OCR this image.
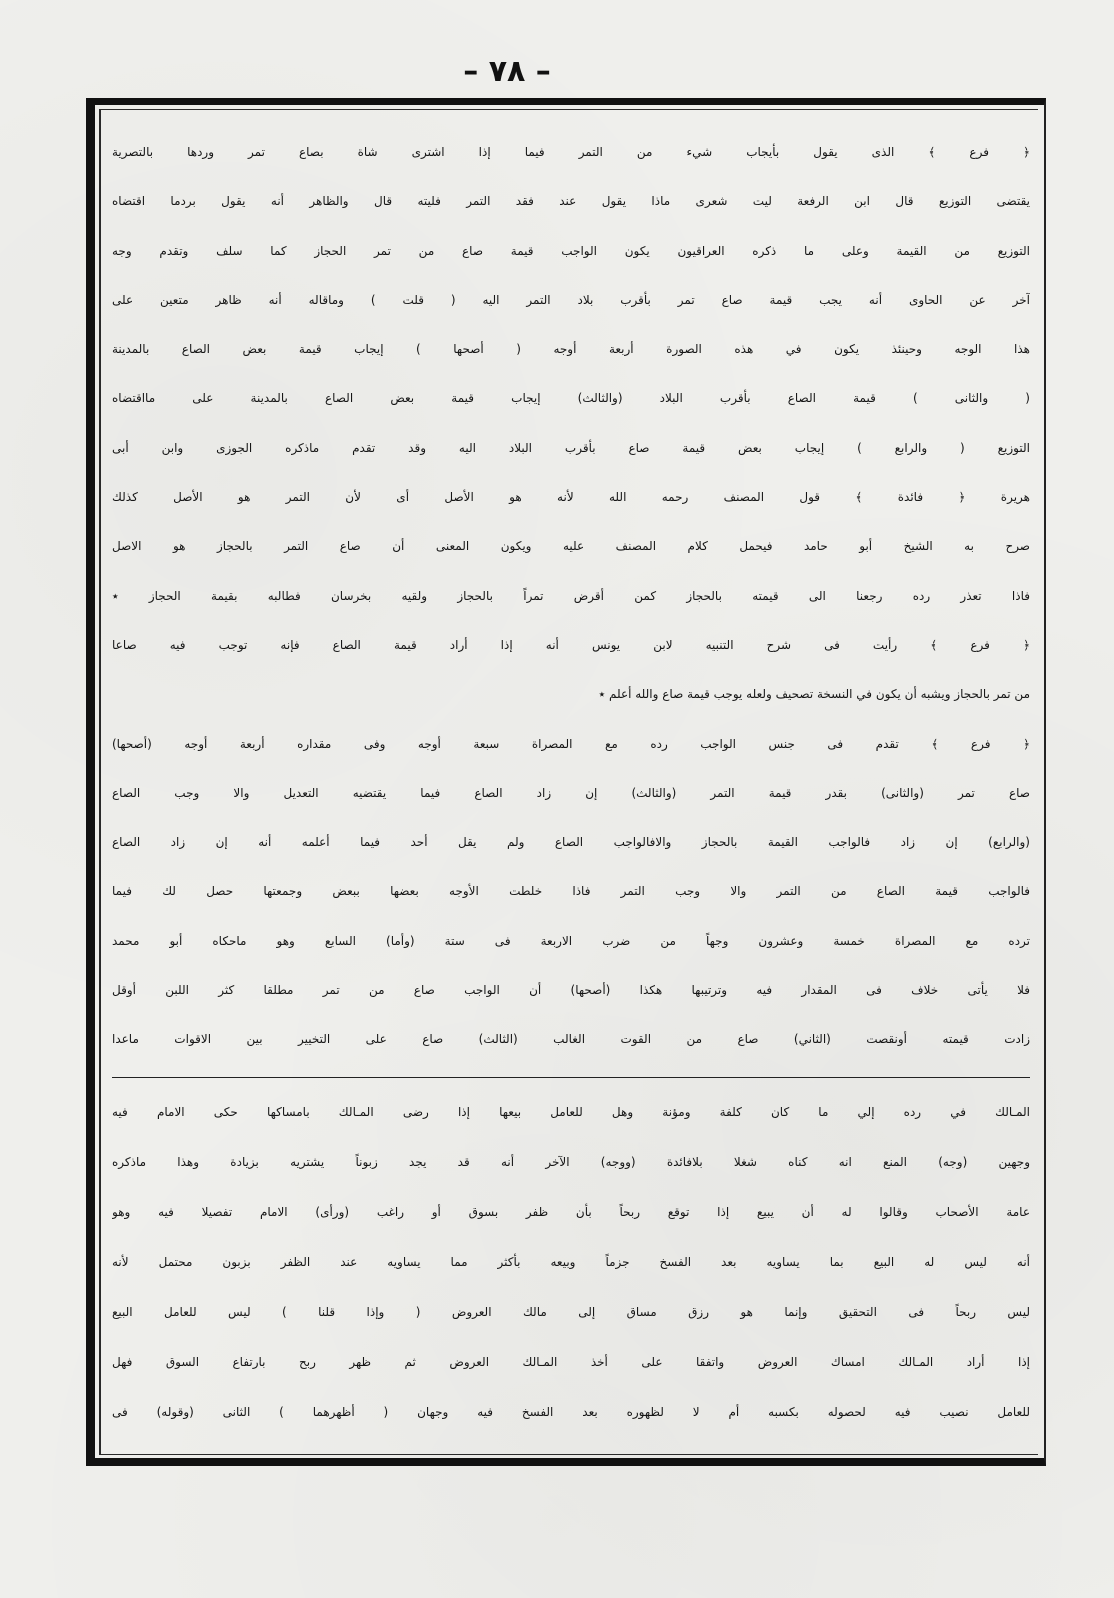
– ٧٨ –
﴿ فرع ﴾ الذى يقول بأيجاب شيء من التمر فيما إذا اشترى شاة بصاع تمر وردها بالتصرية
يقتضى التوزيع قال ابن الرفعة ليت شعرى ماذا يقول عند فقد التمر فليته قال والظاهر أنه يقول بردما اقتضاه
التوزيع من القيمة وعلى ما ذكره العراقيون يكون الواجب قيمة صاع من تمر الحجاز كما سلف وتقدم وجه
آخر عن الحاوى أنه يجب قيمة صاع تمر بأقرب بلاد التمر اليه ( قلت ) وماقاله أنه ظاهر متعين على
هذا الوجه وحينئذ يكون في هذه الصورة أربعة أوجه ( أصحها ) إيجاب قيمة بعض الصاع بالمدينة
( والثانى ) قيمة الصاع بأقرب البلاد (والثالث) إيجاب قيمة بعض الصاع بالمدينة على مااقتضاه
التوزيع ( والرابع ) إيجاب بعض قيمة صاع بأقرب البلاد اليه وقد تقدم ماذكره الجوزى وابن أبى
هريرة ﴿ فائدة ﴾ قول المصنف رحمه الله لأنه هو الأصل أى لأن التمر هو الأصل كذلك
صرح به الشيخ أبو حامد فيحمل كلام المصنف عليه ويكون المعنى أن صاع التمر بالحجاز هو الاصل
فاذا تعذر رده رجعنا الى قيمته بالحجاز كمن أقرض تمراً بالحجاز ولقيه بخرسان فطالبه بقيمة الحجاز ٭
﴿ فرع ﴾ رأيت فى شرح التنبيه لابن يونس أنه إذا أراد قيمة الصاع فإنه توجب فيه صاعا
من تمر بالحجاز ويشبه أن يكون في النسخة تصحيف ولعله يوجب قيمة صاع والله أعلم ٭
﴿ فرع ﴾ تقدم فى جنس الواجب رده مع المصراة سبعة أوجه وفى مقداره أربعة أوجه (أصحها)
صاع تمر (والثانى) بقدر قيمة التمر (والثالث) إن زاد الصاع فيما يقتضيه التعديل والا وجب الصاع
(والرابع) إن زاد فالواجب القيمة بالحجاز والافالواجب الصاع ولم يقل أحد فيما أعلمه أنه إن زاد الصاع
فالواجب قيمة الصاع من التمر والا وجب التمر فاذا خلطت الأوجه بعضها ببعض وجمعتها حصل لك فيما
ترده مع المصراة خمسة وعشرون وجهاً من ضرب الاربعة فى ستة (وأما) السابع وهو ماحكاه أبو محمد
فلا يأتى خلاف فى المقدار فيه وترتيبها هكذا (أصحها) أن الواجب صاع من تمر مطلقا كثر اللبن أوقل
زادت قيمته أونقصت (الثاني) صاع من القوت الغالب (الثالث) صاع على التخيير بين الاقوات ماعدا
المـالك في رده إلي ما كان كلفة ومؤنة وهل للعامل بيعها إذا رضى المـالك بامساكها حكى الامام فيه
وجهين (وجه) المنع انه كناه شغلا بلافائدة (ووجه) الآخر أنه قد يجد زبوناً يشتريه بزيادة وهذا ماذكره
عامة الأصحاب وقالوا له أن يبيع إذا توقع ربحاً بأن ظفر بسوق أو راغب (ورأى) الامام تفصيلا فيه وهو
أنه ليس له البيع بما يساويه بعد الفسخ جزماً وبيعه بأكثر مما يساويه عند الظفر بزبون محتمل لأنه
ليس ربحاً فى التحقيق وإنما هو رزق مساق إلى مالك العروض ( وإذا قلنا ) ليس للعامل البيع
إذا أراد المـالك امساك العروض واتفقا على أخذ المـالك العروض ثم ظهر ربح بارتفاع السوق فهل
للعامل نصيب فيه لحصوله بكسبه أم لا لظهوره بعد الفسخ فيه وجهان ( أظهرهما ) الثانى (وقوله) فى
